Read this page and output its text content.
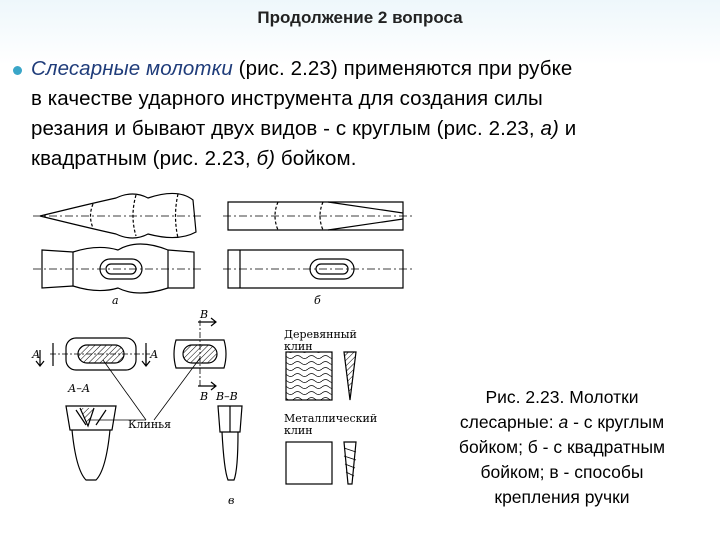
Продолжение 2 вопроса
Слесарные молотки (рис. 2.23) применяются при рубке
в качестве ударного инструмента для создания силы
резания и бывают двух видов - с круглым (рис. 2.23, а) и
квадратным (рис. 2.23, б) бойком.
а	б
в
А	А
В
В
А–А
В–В
Клинья
Деревянный
клин
Металлический
клин
Рис. 2.23. Молотки
слесарные: а - с круглым
бойком; б - с квадратным
бойком; в - способы
крепления ручки
